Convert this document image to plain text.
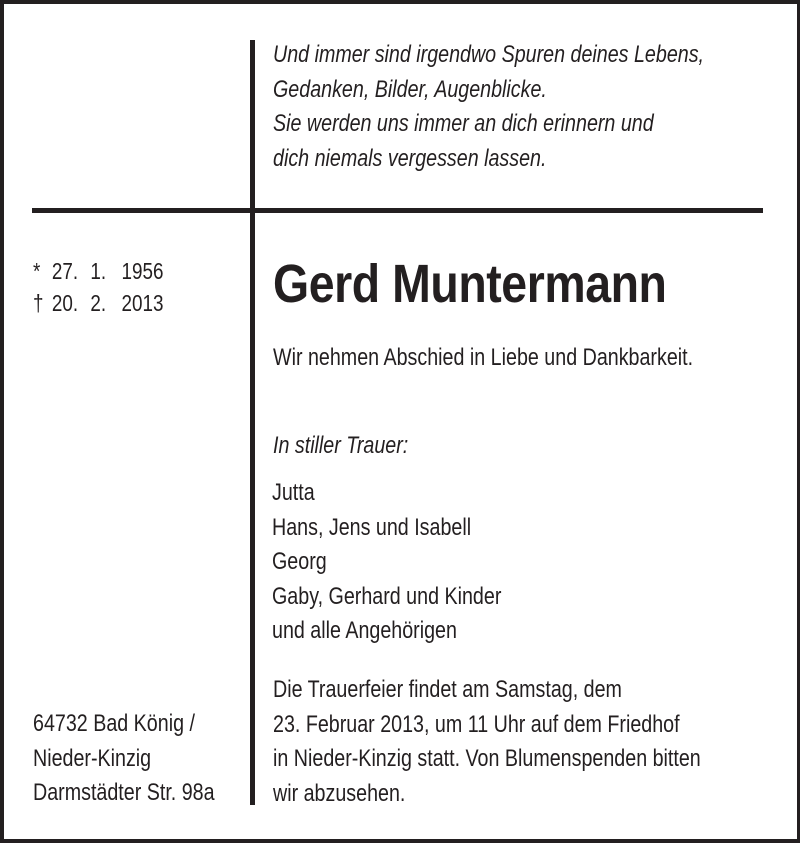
Und immer sind irgendwo Spuren deines Lebens,
Gedanken, Bilder, Augenblicke.
Sie werden uns immer an dich erinnern und
dich niemals vergessen lassen.
* 27. 1. 1956
† 20. 2. 2013 Gerd Muntermann
Wir nehmen Abschied in Liebe und Dankbarkeit.
In stiller Trauer:
Jutta
Hans, Jens und Isabell
Georg
Gaby, Gerhard und Kinder
und alle Angehörigen
Die Trauerfeier findet am Samstag, dem
23. Februar 2013, um 11 Uhr auf dem Friedhof
in Nieder-Kinzig statt. Von Blumenspenden bitten
wir abzusehen.
64732 Bad König /
Nieder-Kinzig
Darmstädter Str. 98a
